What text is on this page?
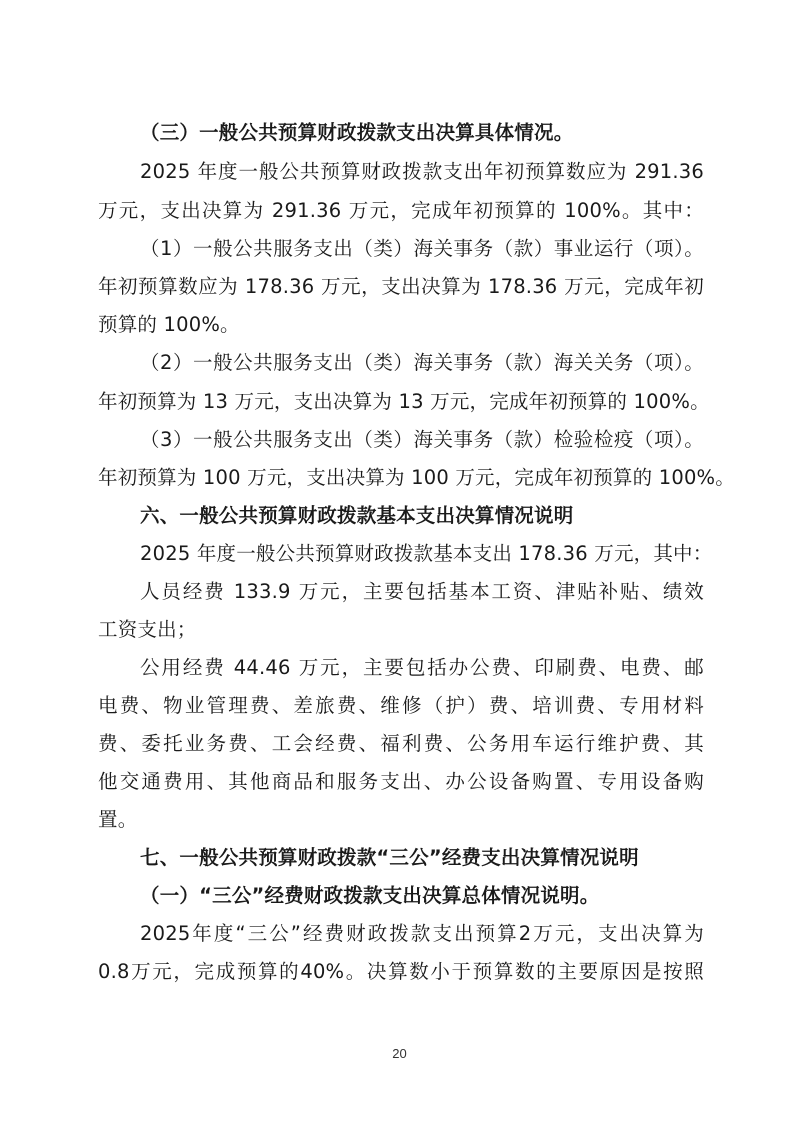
（三）一般公共预算财政拨款支出决算具体情况。
2025 年度一般公共预算财政拨款支出年初预算数应为 291.36
万元，支出决算为 291.36 万元，完成年初预算的 100%。其中：
（1）一般公共服务支出（类）海关事务（款）事业运行（项）。
年初预算数应为 178.36 万元，支出决算为 178.36 万元，完成年初
预算的 100%。
（2）一般公共服务支出（类）海关事务（款）海关关务（项）。
年初预算为 13 万元，支出决算为 13 万元，完成年初预算的 100%。
（3）一般公共服务支出（类）海关事务（款）检验检疫（项）。
年初预算为 100 万元，支出决算为 100 万元，完成年初预算的 100%。
六、一般公共预算财政拨款基本支出决算情况说明
2025 年度一般公共预算财政拨款基本支出 178.36 万元，其中：
人员经费 133.9 万元，主要包括基本工资、津贴补贴、绩效
工资支出；
公用经费 44.46 万元，主要包括办公费、印刷费、电费、邮
电费、物业管理费、差旅费、维修（护）费、培训费、专用材料
费、委托业务费、工会经费、福利费、公务用车运行维护费、其
他交通费用、其他商品和服务支出、办公设备购置、专用设备购
置。
七、一般公共预算财政拨款“三公”经费支出决算情况说明
（一）“三公”经费财政拨款支出决算总体情况说明。
2025年度“三公”经费财政拨款支出预算2万元，支出决算为
0.8万元，完成预算的40%。决算数小于预算数的主要原因是按照
20
